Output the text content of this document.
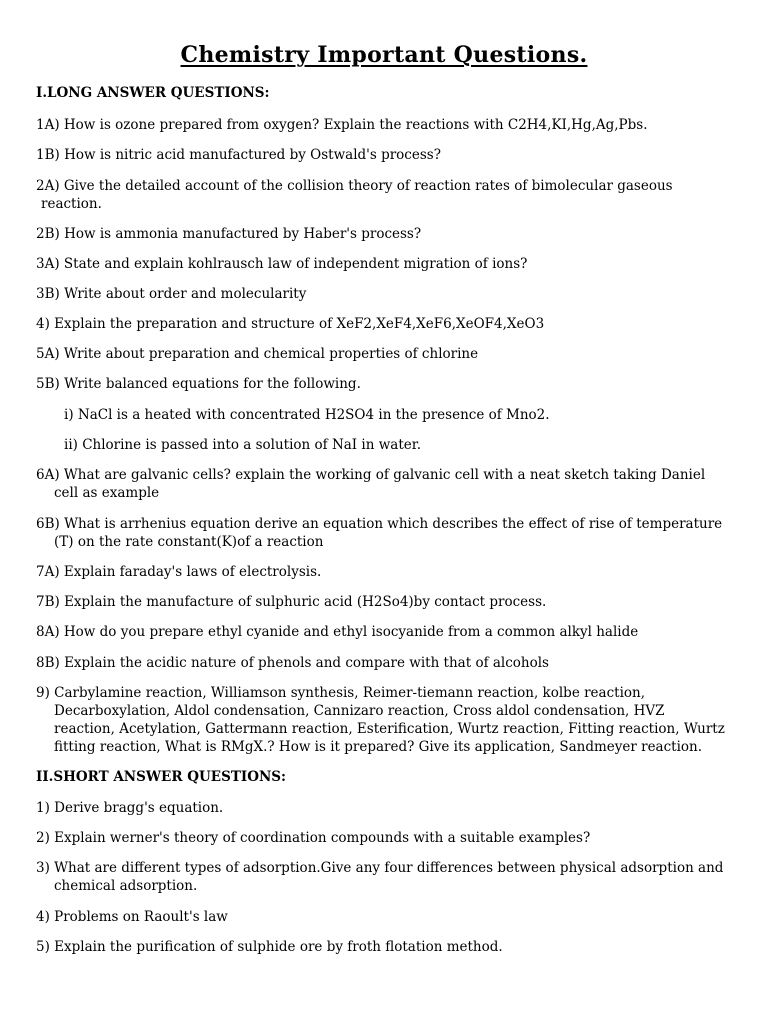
Chemistry Important Questions.
I.LONG ANSWER QUESTIONS:
1A) How is ozone prepared from oxygen? Explain the reactions with C2H4,KI,Hg,Ag,Pbs.
1B) How is nitric acid manufactured by Ostwald's process?
2A) Give the detailed account of the collision theory of reaction rates of bimolecular gaseous
reaction.
2B) How is ammonia manufactured by Haber's process?
3A) State and explain kohlrausch law of independent migration of ions?
3B) Write about order and molecularity
4) Explain the preparation and structure of XeF2,XeF4,XeF6,XeOF4,XeO3
5A) Write about preparation and chemical properties of chlorine
5B) Write balanced equations for the following.
i) NaCl is a heated with concentrated H2SO4 in the presence of Mno2.
ii) Chlorine is passed into a solution of NaI in water.
6A) What are galvanic cells? explain the working of galvanic cell with a neat sketch taking Daniel
cell as example
6B) What is arrhenius equation derive an equation which describes the effect of rise of temperature
(T) on the rate constant(K)of a reaction
7A) Explain faraday's laws of electrolysis.
7B) Explain the manufacture of sulphuric acid (H2So4)by contact process.
8A) How do you prepare ethyl cyanide and ethyl isocyanide from a common alkyl halide
8B) Explain the acidic nature of phenols and compare with that of alcohols
9) Carbylamine reaction, Williamson synthesis, Reimer-tiemann reaction, kolbe reaction,
Decarboxylation, Aldol condensation, Cannizaro reaction, Cross aldol condensation, HVZ
reaction, Acetylation, Gattermann reaction, Esterification, Wurtz reaction, Fitting reaction, Wurtz
fitting reaction, What is RMgX.? How is it prepared? Give its application, Sandmeyer reaction.
II.SHORT ANSWER QUESTIONS:
1) Derive bragg's equation.
2) Explain werner's theory of coordination compounds with a suitable examples?
3) What are different types of adsorption.Give any four differences between physical adsorption and
chemical adsorption.
4) Problems on Raoult's law
5) Explain the purification of sulphide ore by froth flotation method.
